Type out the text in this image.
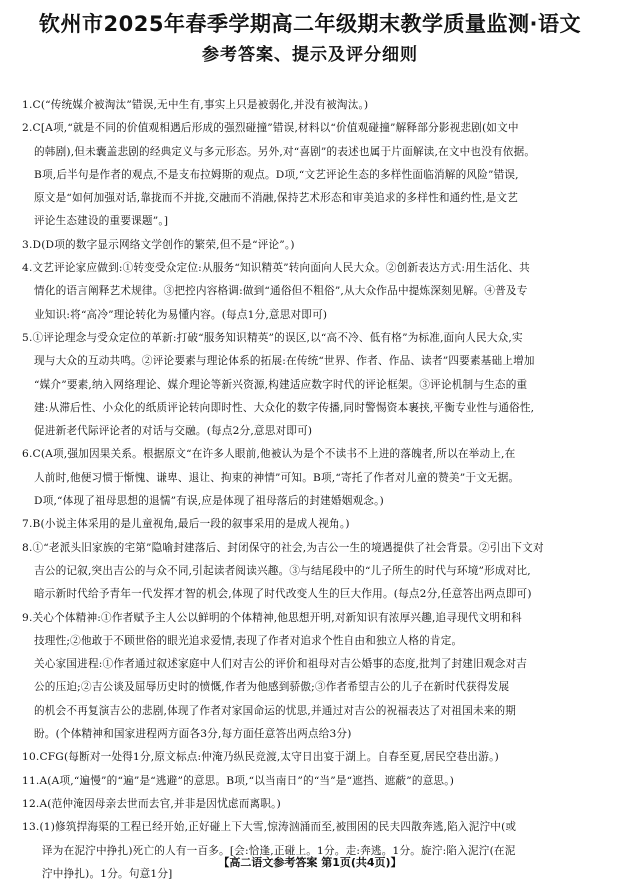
钦州市2025年春季学期高二年级期末教学质量监测·语文
参考答案、提示及评分细则
1.C(“传统媒介被淘汰”错误,无中生有,事实上只是被弱化,并没有被淘汰。)
2.C[A项,“就是不同的价值观相遇后形成的强烈碰撞”错误,材料以“价值观碰撞”解释部分影视悲剧(如文中
的韩剧),但未囊盖悲剧的经典定义与多元形态。另外,对“喜剧”的表述也属于片面解读,在文中也没有依据。
B项,后半句是作者的观点,不是支布拉姆斯的观点。D项,“文艺评论生态的多样性面临消解的风险”错误,
原文是“如何加强对话,靠拢而不并拢,交融而不消融,保持艺术形态和审美追求的多样性和通约性,是文艺
评论生态建设的重要课题”。]
3.D(D项的数字显示网络文学创作的繁荣,但不是“评论”。)
4.文艺评论家应做到:①转变受众定位:从服务“知识精英”转向面向人民大众。②创新表达方式:用生活化、共
情化的语言阐释艺术规律。③把控内容格调:做到“通俗但不粗俗”,从大众作品中提炼深刻见解。④普及专
业知识:将“高冷”理论转化为易懂内容。(每点1分,意思对即可)
5.①评论理念与受众定位的革新:打破“服务知识精英”的误区,以“高不冷、低有格”为标准,面向人民大众,实
现与大众的互动共鸣。②评论要素与理论体系的拓展:在传统“世界、作者、作品、读者”四要素基础上增加
“媒介”要素,纳入网络理论、媒介理论等新兴资源,构建适应数字时代的评论框架。③评论机制与生态的重
建:从滞后性、小众化的纸质评论转向即时性、大众化的数字传播,同时警惕资本裹挟,平衡专业性与通俗性,
促进新老代际评论者的对话与交融。(每点2分,意思对即可)
6.C(A项,强加因果关系。根据原文“在许多人眼前,他被认为是个不读书不上进的落魄者,所以在举动上,在
人前时,他便习惯于惭愧、谦卑、退让、拘束的神情”可知。B项,“寄托了作者对儿童的赞美”于文无据。
D项,“体现了祖母思想的退懦”有误,应是体现了祖母落后的封建婚姻观念。)
7.B(小说主体采用的是儿童视角,最后一段的叙事采用的是成人视角。)
8.①“老派头旧家族的宅第”隐喻封建落后、封闭保守的社会,为吉公一生的境遇提供了社会背景。②引出下文对
吉公的记叙,突出吉公的与众不同,引起读者阅读兴趣。③与结尾段中的“儿子所生的时代与环境”形成对比,
暗示新时代给予青年一代发挥才智的机会,体现了时代改变人生的巨大作用。(每点2分,任意答出两点即可)
9.关心个体精神:①作者赋予主人公以鲜明的个体精神,他思想开明,对新知识有浓厚兴趣,追寻现代文明和科
技理性;②他敢于不顾世俗的眼光追求爱情,表现了作者对追求个性自由和独立人格的肯定。
关心家国进程:①作者通过叙述家庭中人们对吉公的评价和祖母对吉公婚事的态度,批判了封建旧观念对吉
公的压迫;②吉公谈及屈辱历史时的愤慨,作者为他感到骄傲;③作者希望吉公的儿子在新时代获得发展
的机会不再复演吉公的悲剧,体现了作者对家国命运的忧思,并通过对吉公的祝福表达了对祖国未来的期
盼。(个体精神和国家进程两方面各3分,每方面任意答出两点给3分)
10.CFG(每断对一处得1分,原文标点:仲淹乃纵民竞渡,太守日出宴于湖上。自春至夏,居民空巷出游。)
11.A(A项,“遍慢”的“遍”是“逃避”的意思。B项,“以当南日”的“当”是“遮挡、遮蔽”的意思。)
12.A(范仲淹因母亲去世而去官,并非是因忧虑而离职。)
13.(1)修筑捍海渠的工程已经开始,正好碰上下大雪,惊涛汹涌而至,被围困的民夫四散奔逃,陷入泥泞中(或
译为在泥泞中挣扎)死亡的人有一百多。[会:恰逢,正碰上。1分。走:奔逃。1分。旋泞:陷入泥泞(在泥
泞中挣扎)。1分。句意1分]
【高二语文参考答案 第1页(共4页)】
